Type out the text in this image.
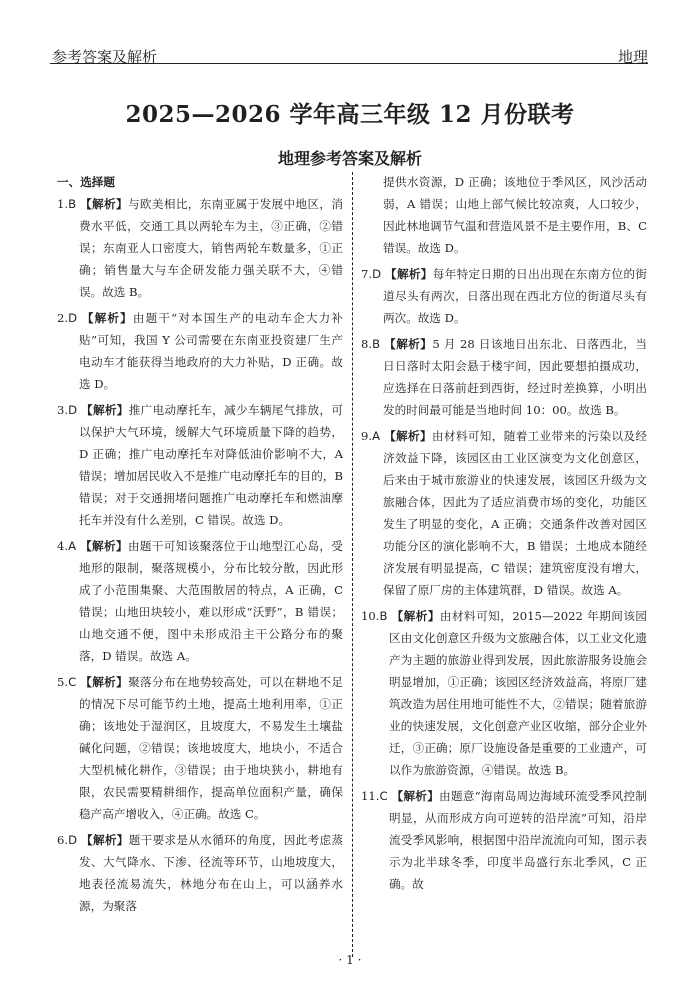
参考答案及解析	地理
2025—2026 学年高三年级 12 月份联考
地理参考答案及解析
一、选择题
1.B 【解析】与欧美相比，东南亚属于发展中地区，消费水平低，交通工具以两轮车为主，③正确，②错误；东南亚人口密度大，销售两轮车数量多，①正确；销售量大与车企研发能力强关联不大，④错误。故选 B。
2.D 【解析】由题干“对本国生产的电动车企大力补贴”可知，我国 Y 公司需要在东南亚投资建厂生产电动车才能获得当地政府的大力补贴，D 正确。故选 D。
3.D 【解析】推广电动摩托车，减少车辆尾气排放，可以保护大气环境，缓解大气环境质量下降的趋势，D 正确；推广电动摩托车对降低油价影响不大，A 错误；增加居民收入不是推广电动摩托车的目的，B 错误；对于交通拥堵问题推广电动摩托车和燃油摩托车并没有什么差别，C 错误。故选 D。
4.A 【解析】由题干可知该聚落位于山地型江心岛，受地形的限制，聚落规模小，分布比较分散，因此形成了小范围集聚、大范围散居的特点，A 正确，C 错误；山地田块较小，难以形成“沃野”，B 错误；山地交通不便，图中未形成沿主干公路分布的聚落，D 错误。故选 A。
5.C 【解析】聚落分布在地势较高处，可以在耕地不足的情况下尽可能节约土地，提高土地利用率，①正确；该地处于湿润区，且坡度大，不易发生土壤盐碱化问题，②错误；该地坡度大，地块小，不适合大型机械化耕作，③错误；由于地块狭小，耕地有限，农民需要精耕细作，提高单位面积产量，确保稳产高产增收入，④正确。故选 C。
6.D 【解析】题干要求是从水循环的角度，因此考虑蒸发、大气降水、下渗、径流等环节，山地坡度大，地表径流易流失，林地分布在山上，可以涵养水源，为聚落
提供水资源，D 正确；该地位于季风区，风沙活动弱，A 错误；山地上部气候比较凉爽，人口较少，因此林地调节气温和营造风景不是主要作用，B、C 错误。故选 D。
7.D 【解析】每年特定日期的日出出现在东南方位的街道尽头有两次，日落出现在西北方位的街道尽头有两次。故选 D。
8.B 【解析】5 月 28 日该地日出东北、日落西北，当日日落时太阳会悬于楼宇间，因此要想拍摄成功，应选择在日落前赶到西街，经过时差换算，小明出发的时间最可能是当地时间 10：00。故选 B。
9.A 【解析】由材料可知，随着工业带来的污染以及经济效益下降，该园区由工业区演变为文化创意区，后来由于城市旅游业的快速发展，该园区升级为文旅融合体，因此为了适应消费市场的变化，功能区发生了明显的变化，A 正确；交通条件改善对园区功能分区的演化影响不大，B 错误；土地成本随经济发展有明显提高，C 错误；建筑密度没有增大，保留了原厂房的主体建筑群，D 错误。故选 A。
10.B 【解析】由材料可知，2015—2022 年期间该园区由文化创意区升级为文旅融合体，以工业文化遗产为主题的旅游业得到发展，因此旅游服务设施会明显增加，①正确；该园区经济效益高，将原厂建筑改造为居住用地可能性不大，②错误；随着旅游业的快速发展，文化创意产业区收缩，部分企业外迁，③正确；原厂设施设备是重要的工业遗产，可以作为旅游资源，④错误。故选 B。
11.C 【解析】由题意“海南岛周边海域环流受季风控制明显，从而形成方向可逆转的沿岸流”可知，沿岸流受季风影响，根据图中沿岸流流向可知，图示表示为北半球冬季，印度半岛盛行东北季风，C 正确。故
· 1 ·
